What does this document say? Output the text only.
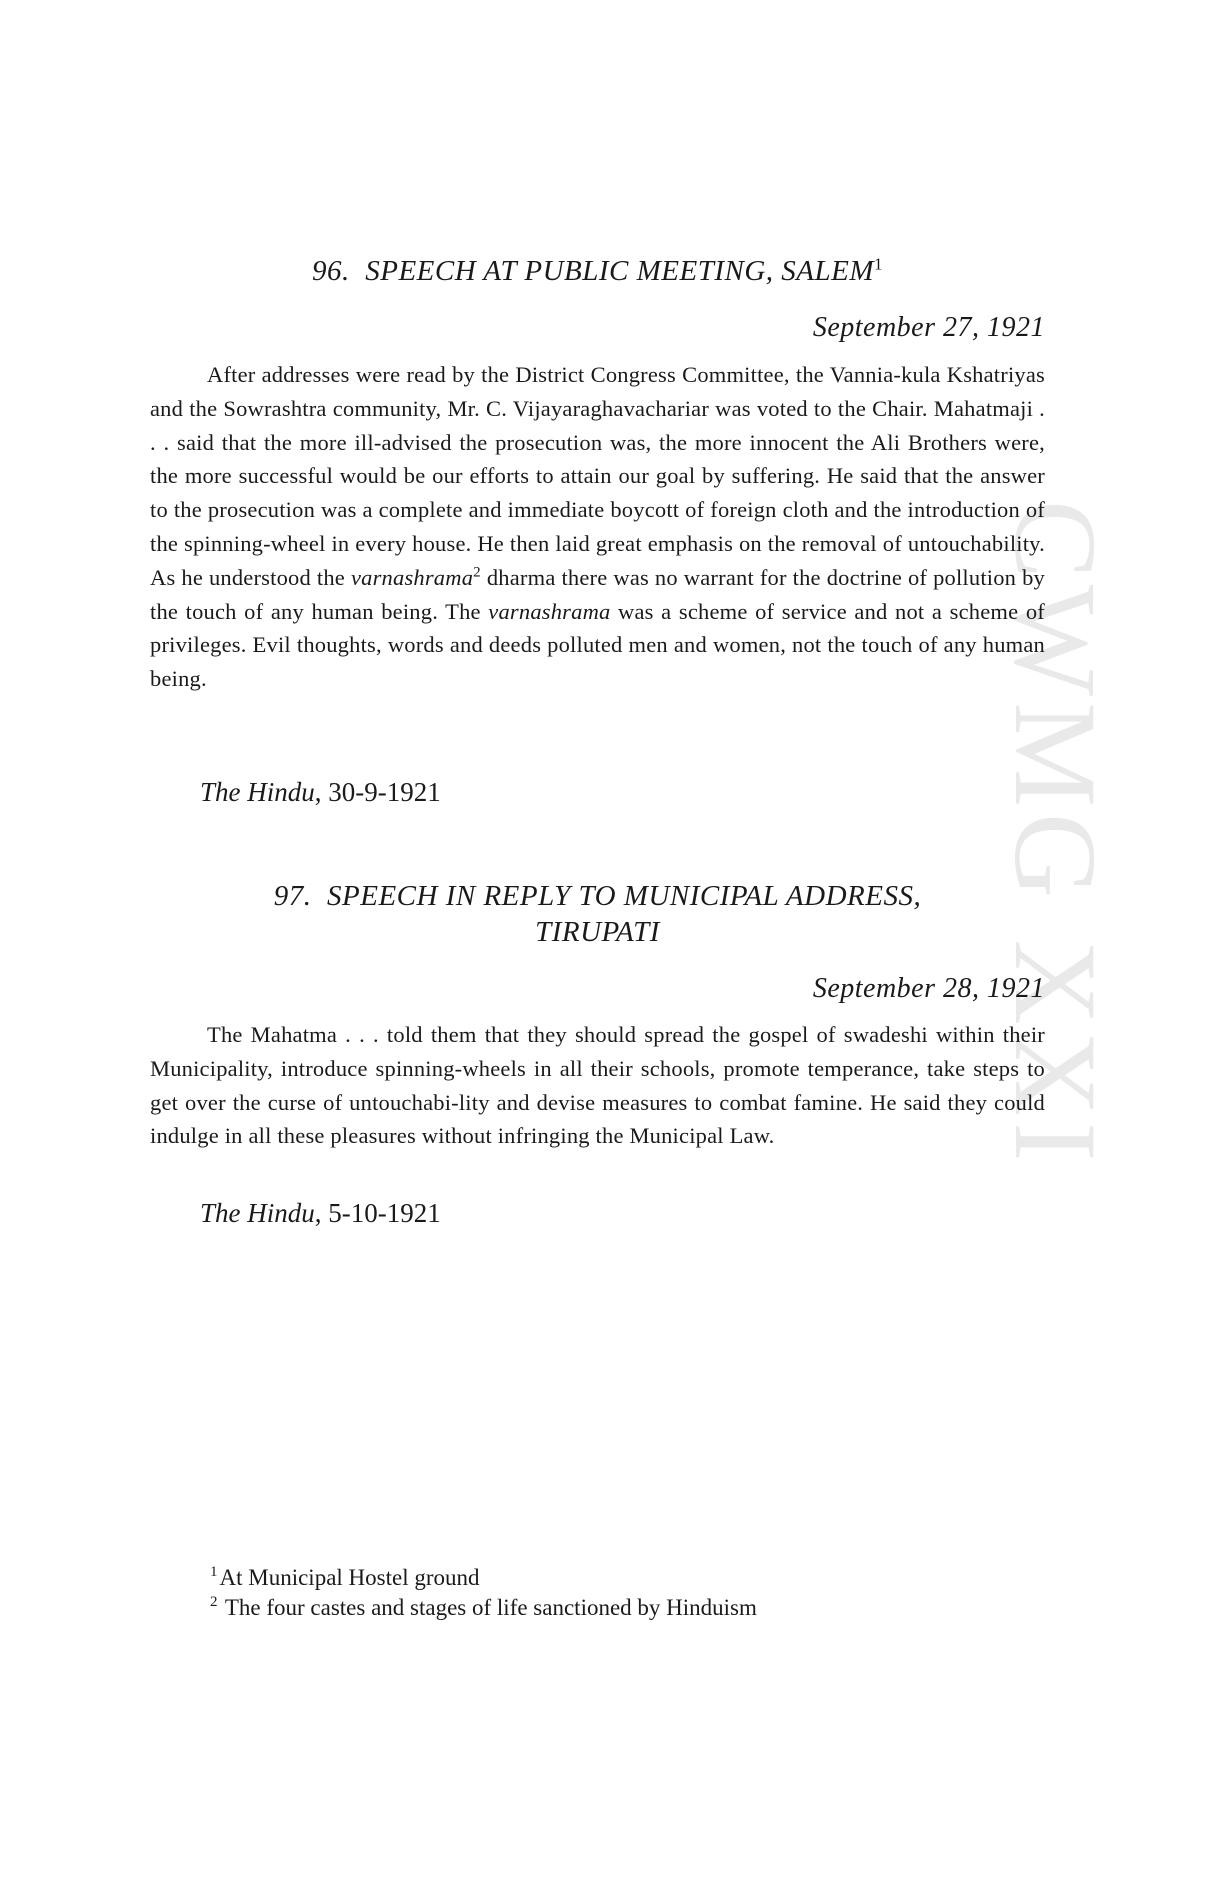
CWMG XXI
96. SPEECH AT PUBLIC MEETING, SALEM$^1$
September 27, 1921
After addresses were read by the District Congress Committee, the Vannia-kula Kshatriyas and the Sowrashtra community, Mr. C. Vijayaraghavachariar was voted to the Chair. Mahatmaji . . . said that the more ill-advised the prosecution was, the more innocent the Ali Brothers were, the more successful would be our efforts to attain our goal by suffering. He said that the answer to the prosecution was a complete and immediate boycott of foreign cloth and the introduction of the spinning-wheel in every house. He then laid great emphasis on the removal of untouchability. As he understood the varnashrama$^2$ dharma there was no warrant for the doctrine of pollution by the touch of any human being. The varnashrama was a scheme of service and not a scheme of privileges. Evil thoughts, words and deeds polluted men and women, not the touch of any human being.
The Hindu, 30-9-1921
97. SPEECH IN REPLY TO MUNICIPAL ADDRESS,
TIRUPATI
September 28, 1921
The Mahatma . . . told them that they should spread the gospel of swadeshi within their Municipality, introduce spinning-wheels in all their schools, promote temperance, take steps to get over the curse of untouchabi-lity and devise measures to combat famine. He said they could indulge in all these pleasures without infringing the Municipal Law.
The Hindu, 5-10-1921
$^1$At Municipal Hostel ground
$^2$ The four castes and stages of life sanctioned by Hinduism
